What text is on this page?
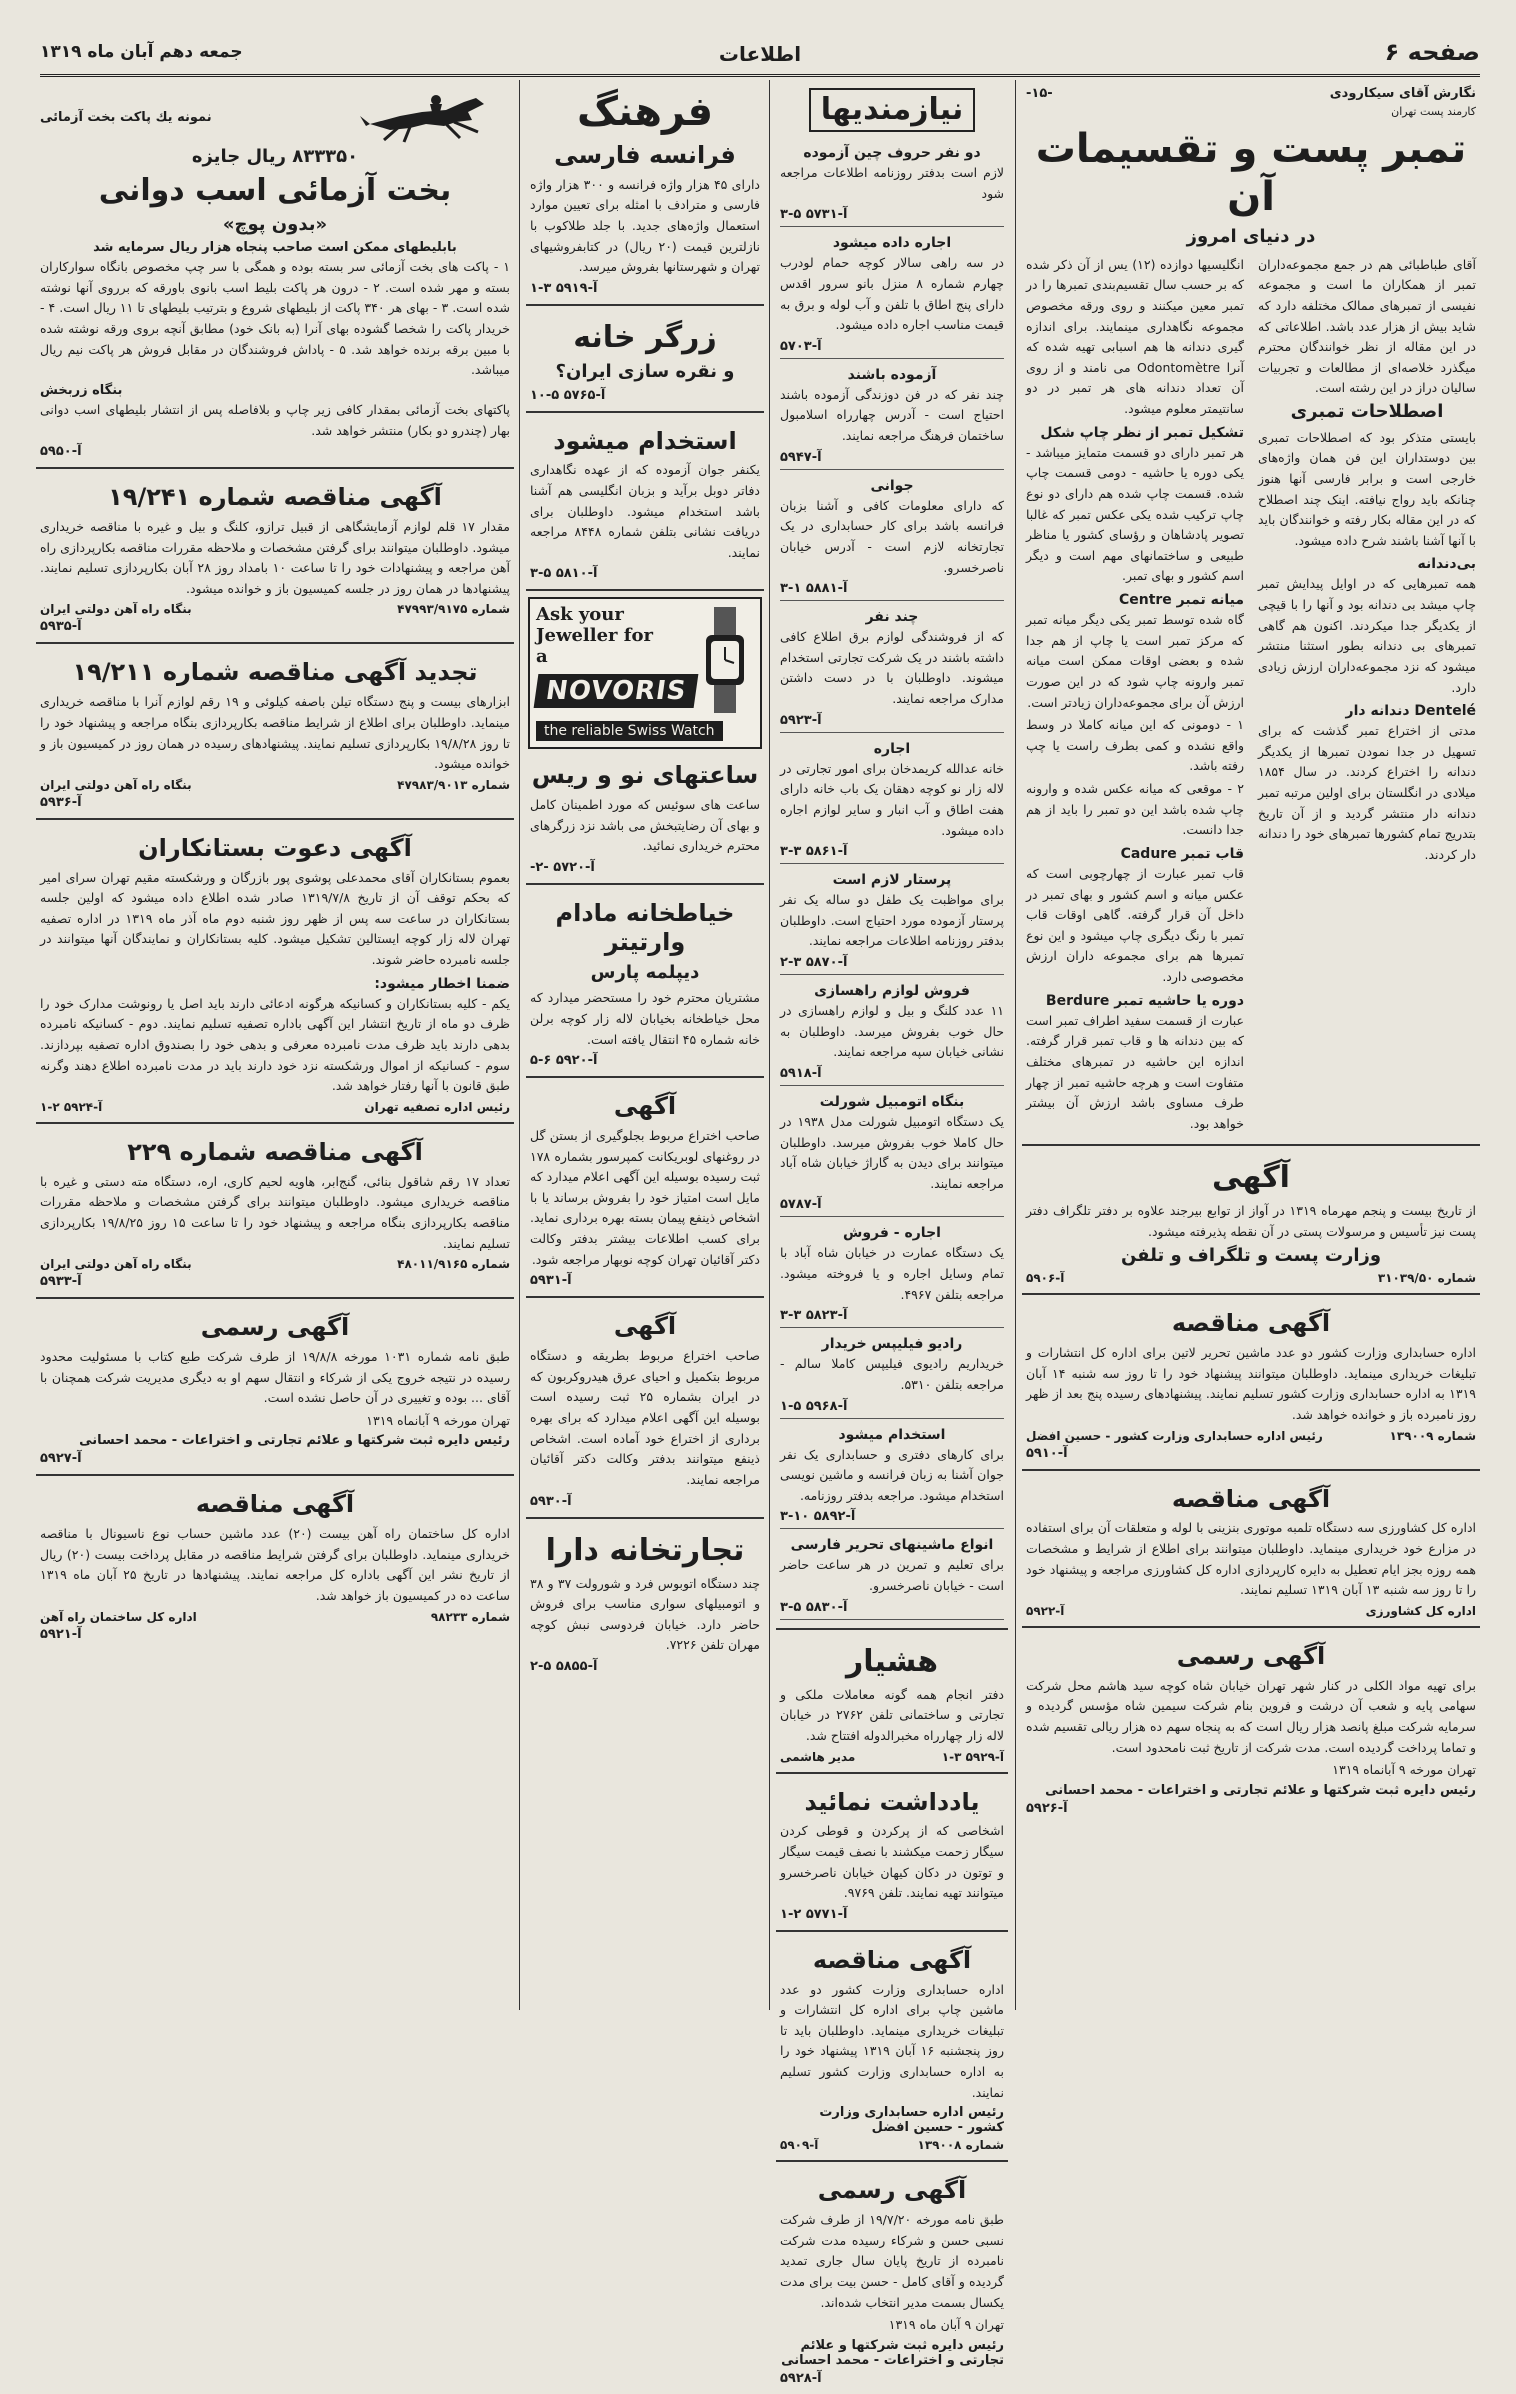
صفحه ۶
اطلاعات
جمعه دهم آبان ماه ۱۳۱۹
نگارش آقای سیکارودی
کارمند پست تهران
-۱۵-
تمبر پست و تقسیمات آن
در دنیای امروز
آقای طباطبائی هم در جمع مجموعه‌داران تمبر از همکاران ما است و مجموعه نفیسی از تمبرهای ممالک مختلفه دارد که شاید بیش از هزار عدد باشد. اطلاعاتی که در این مقاله از نظر خوانندگان محترم میگذرد خلاصه‌ای از مطالعات و تجربیات سالیان دراز در این رشته است.
اصطلاحات تمبری
بایستی متذکر بود که اصطلاحات تمبری بین دوستداران این فن همان واژه‌های خارجی است و برابر فارسی آنها هنوز چنانکه باید رواج نیافته. اینک چند اصطلاح که در این مقاله بکار رفته و خوانندگان باید با آنها آشنا باشند شرح داده میشود.
بی‌دندانه
همه تمبرهایی که در اوایل پیدایش تمبر چاپ میشد بی دندانه بود و آنها را با قیچی از یکدیگر جدا میکردند. اکنون هم گاهی تمبرهای بی دندانه بطور استثنا منتشر میشود که نزد مجموعه‌داران ارزش زیادی دارد.
دندانه دار Dentelé
مدتی از اختراع تمبر گذشت که برای تسهیل در جدا نمودن تمبرها از یکدیگر دندانه را اختراع کردند. در سال ۱۸۵۴ میلادی در انگلستان برای اولین مرتبه تمبر دندانه دار منتشر گردید و از آن تاریخ بتدریج تمام کشورها تمبرهای خود را دندانه دار کردند.
انگلیسیها دوازده (۱۲) یس از آن ذکر شده که بر حسب سال تقسیم‌بندی تمبرها را در تمبر معین میکنند و روی ورقه مخصوص مجموعه نگاهداری مینمایند. برای اندازه گیری دندانه ها هم اسبابی تهیه شده که آنرا Odontomètre می نامند و از روی آن تعداد دندانه های هر تمبر در دو سانتیمتر معلوم میشود.
تشکیل تمبر از نظر چاپ شکل
هر تمبر دارای دو قسمت متمایز میباشد - یکی دوره یا حاشیه - دومی قسمت چاپ شده. قسمت چاپ شده هم دارای دو نوع چاپ ترکیب شده یکی عکس تمبر که غالبا تصویر پادشاهان و رؤسای کشور یا مناظر طبیعی و ساختمانهای مهم است و دیگر اسم کشور و بهای تمبر.
میانه تمبر Centre
گاه شده توسط تمبر یکی دیگر میانه تمبر که مرکز تمبر است یا چاپ از هم جدا شده و بعضی اوقات ممکن است میانه تمبر وارونه چاپ شود که در این صورت ارزش آن برای مجموعه‌داران زیادتر است.
۱ - دومونی که این میانه کاملا در وسط واقع نشده و کمی بطرف راست یا چپ رفته باشد.
۲ - موقعی که میانه عکس شده و وارونه چاپ شده باشد این دو تمبر را باید از هم جدا دانست.
قاب تمبر Cadure
قاب تمبر عبارت از چهارچوبی است که عکس میانه و اسم کشور و بهای تمبر در داخل آن قرار گرفته. گاهی اوقات قاب تمبر با رنگ دیگری چاپ میشود و این نوع تمبرها هم برای مجموعه داران ارزش مخصوصی دارد.
دوره یا حاشیه تمبر Berdure
عبارت از قسمت سفید اطراف تمبر است که بین دندانه ها و قاب تمبر قرار گرفته. اندازه این حاشیه در تمبرهای مختلف متفاوت است و هرچه حاشیه تمبر از چهار طرف مساوی باشد ارزش آن بیشتر خواهد بود.
آگهی
از تاریخ بیست و پنجم مهرماه ۱۳۱۹ در آواز از توابع بیرجند علاوه بر دفتر تلگراف دفتر پست نیز تأسیس و مرسولات پستی در آن نقطه پذیرفته میشود.
وزارت پست و تلگراف و تلفن
شماره ۳۱۰۳۹/۵۰
آ-۵۹۰۶
آگهی مناقصه
اداره حسابداری وزارت کشور دو عدد ماشین تحریر لاتین برای اداره کل انتشارات و تبلیغات خریداری مینماید. داوطلبان میتوانند پیشنهاد خود را تا روز سه شنبه ۱۴ آبان ۱۳۱۹ به اداره حسابداری وزارت کشور تسلیم نمایند. پیشنهادهای رسیده پنج بعد از ظهر روز نامبرده باز و خوانده خواهد شد.
شماره ۱۳۹۰۰۹
رئیس اداره حسابداری وزارت کشور - حسین افضل
آ-۵۹۱۰
آگهی مناقصه
اداره کل کشاورزی سه دستگاه تلمبه موتوری بنزینی با لوله و متعلقات آن برای استفاده در مزارع خود خریداری مینماید. داوطلبان میتوانند برای اطلاع از شرایط و مشخصات همه روزه بجز ایام تعطیل به دایره کارپردازی اداره کل کشاورزی مراجعه و پیشنهاد خود را تا روز سه شنبه ۱۳ آبان ۱۳۱۹ تسلیم نمایند.
اداره کل کشاورزی
آ-۵۹۲۲
آگهی رسمی
برای تهیه مواد الکلی در کنار شهر تهران خیابان شاه کوچه سید هاشم محل شرکت سهامی پایه و شعب آن درشت و فروین بنام شرکت سیمین شاه مؤسس گردیده و سرمایه شرکت مبلغ پانصد هزار ریال است که به پنجاه سهم ده هزار ریالی تقسیم شده و تماما پرداخت گردیده است. مدت شرکت از تاریخ ثبت نامحدود است.
تهران مورخه ۹ آبانماه ۱۳۱۹
رئیس دایره ثبت شرکتها و علائم تجارتی و اختراعات - محمد احسانی
آ-۵۹۲۶
نیازمندیها
دو نفر حروف چین آزموده
لازم است بدفتر روزنامه اطلاعات مراجعه شود
آ-۵۷۳۱ ۵-۳
اجاره داده میشود
در سه راهی سالار کوچه حمام لودرب چهارم شماره ۸ منزل بانو سرور اقدس دارای پنج اطاق با تلفن و آب لوله و برق به قیمت مناسب اجاره داده میشود.
آ-۵۷۰۳
آزموده باشند
چند نفر که در فن دوزندگی آزموده باشند احتیاج است - آدرس چهارراه اسلامبول ساختمان فرهنگ مراجعه نمایند.
آ-۵۹۴۷
جوانی
که دارای معلومات کافی و آشنا بزبان فرانسه باشد برای کار حسابداری در یک تجارتخانه لازم است - آدرس خیابان ناصرخسرو.
آ-۵۸۸۱ ۱-۳
چند نفر
که از فروشندگی لوازم برق اطلاع کافی داشته باشند در یک شرکت تجارتی استخدام میشوند. داوطلبان با در دست داشتن مدارک مراجعه نمایند.
آ-۵۹۲۳
اجاره
خانه عدالله کریمدخان برای امور تجارتی در لاله زار نو کوچه دهقان یک باب خانه دارای هفت اطاق و آب انبار و سایر لوازم اجاره داده میشود.
آ-۵۸۶۱ ۳-۳
پرستار لازم است
برای مواظبت یک طفل دو ساله یک نفر پرستار آزموده مورد احتیاج است. داوطلبان بدفتر روزنامه اطلاعات مراجعه نمایند.
آ-۵۸۷۰ ۳-۲
فروش لوازم راهسازی
۱۱ عدد کلنگ و بیل و لوازم راهسازی در حال خوب بفروش میرسد. داوطلبان به نشانی خیابان سپه مراجعه نمایند.
آ-۵۹۱۸
بنگاه اتومبیل شورلت
یک دستگاه اتومبیل شورلت مدل ۱۹۳۸ در حال کاملا خوب بفروش میرسد. داوطلبان میتوانند برای دیدن به گاراژ خیابان شاه آباد مراجعه نمایند.
آ-۵۷۸۷
اجاره - فروش
یک دستگاه عمارت در خیابان شاه آباد با تمام وسایل اجاره و یا فروخته میشود. مراجعه بتلفن ۴۹۶۷.
آ-۵۸۲۳ ۳-۳
رادیو فیلیپس خریدار
خریداریم رادیوی فیلیپس کاملا سالم - مراجعه بتلفن ۵۳۱۰.
آ-۵۹۶۸ ۵-۱
استخدام میشود
برای کارهای دفتری و حسابداری یک نفر جوان آشنا به زبان فرانسه و ماشین نویسی استخدام میشود. مراجعه بدفتر روزنامه.
آ-۵۸۹۲ ۱۰-۳
انواع ماشینهای تحریر فارسی
برای تعلیم و تمرین در هر ساعت حاضر است - خیابان ناصرخسرو.
آ-۵۸۳۰ ۵-۳
هشیار
دفتر انجام همه گونه معاملات ملکی و تجارتی و ساختمانی تلفن ۲۷۶۲ در خیابان لاله زار چهارراه مخبرالدوله افتتاح شد.
آ-۵۹۲۹ ۳-۱
مدیر هاشمی
یادداشت نمائید
اشخاصی که از پرکردن و قوطی کردن سیگار زحمت میکشند با نصف قیمت سیگار و توتون در دکان کیهان خیابان ناصرخسرو میتوانند تهیه نمایند. تلفن ۹۷۶۹.
آ-۵۷۷۱ ۲-۱
آگهی مناقصه
اداره حسابداری وزارت کشور دو عدد ماشین چاپ برای اداره کل انتشارات و تبلیغات خریداری مینماید. داوطلبان باید تا روز پنجشنبه ۱۶ آبان ۱۳۱۹ پیشنهاد خود را به اداره حسابداری وزارت کشور تسلیم نمایند.
رئیس اداره حسابداری وزارت کشور - حسین افضل
شماره ۱۳۹۰۰۸
آ-۵۹۰۹
آگهی رسمی
طبق نامه مورخه ۱۹/۷/۲۰ از طرف شرکت نسبی حسن و شرکاء رسیده مدت شرکت نامبرده از تاریخ پایان سال جاری تمدید گردیده و آقای کامل - حسن بیت برای مدت یکسال بسمت مدیر انتخاب شده‌اند.
تهران ۹ آبان ماه ۱۳۱۹
رئیس دایره ثبت شرکتها و علائم تجارتی و اختراعات - محمد احسانی
آ-۵۹۲۸
فرهنگ
فرانسه فارسی
دارای ۴۵ هزار واژه فرانسه و ۳۰۰ هزار واژه فارسی و مترادف با امثله برای تعیین موارد استعمال واژه‌های جدید. با جلد طلاکوب با نازلترین قیمت (۲۰ ریال) در کتابفروشیهای تهران و شهرستانها بفروش میرسد.
آ-۵۹۱۹ ۳-۱
زرگر خانه
و نقره سازی ایران؟
آ-۵۷۶۵ ۵-۱۰
استخدام میشود
یکنفر جوان آزموده که از عهده نگاهداری دفاتر دوبل برآید و بزبان انگلیسی هم آشنا باشد استخدام میشود. داوطلبان برای دریافت نشانی بتلفن شماره ۸۴۴۸ مراجعه نمایند.
آ-۵۸۱۰ ۵-۳
Ask your
Jeweller for
a
NOVORIS
the reliable Swiss Watch
ساعتهای نو و ریس
ساعت های سوئیس که مورد اطمینان کامل و بهای آن رضایتبخش می باشد نزد زرگرهای محترم خریداری نمائید.
آ-۵۷۲۰ -۲-
خیاطخانه مادام وارتیتر
دیپلمه پارس
مشتریان محترم خود را مستحضر میدارد که محل خیاطخانه بخیابان لاله زار کوچه برلن خانه شماره ۴۵ انتقال یافته است.
آ-۵۹۲۰ ۶-۵
آگهی
صاحب اختراع مربوط بجلوگیری از بستن گل در روغنهای لوبریکانت کمپرسور بشماره ۱۷۸ ثبت رسیده بوسیله این آگهی اعلام میدارد که مایل است امتیاز خود را بفروش برساند یا با اشخاص ذینفع پیمان بسته بهره برداری نماید. برای کسب اطلاعات بیشتر بدفتر وکالت دکتر آقائیان تهران کوچه نوبهار مراجعه شود.
آ-۵۹۳۱
آگهی
صاحب اختراع مربوط بطریقه و دستگاه مربوط بتکمیل و احیای عرق هیدروکربون که در ایران بشماره ۲۵ ثبت رسیده است بوسیله این آگهی اعلام میدارد که برای بهره برداری از اختراع خود آماده است. اشخاص ذینفع میتوانند بدفتر وکالت دکتر آقائیان مراجعه نمایند.
آ-۵۹۳۰
تجارتخانه دارا
چند دستگاه اتوبوس فرد و شورولت ۳۷ و ۳۸ و اتومبیلهای سواری مناسب برای فروش حاضر دارد. خیابان فردوسی نبش کوچه مهران تلفن ۷۲۲۶.
آ-۵۸۵۵ ۵-۲
نمونه یك پاکت بخت آزمائی
۸۳۳۳۵۰ ریال جایزه
بخت آزمائی اسب دوانی
«بدون پوچ»
بابلیطهای ممکن است صاحب پنجاه هزار ریال سرمایه شد
۱ - پاکت های بخت آزمائی سر بسته بوده و همگی با سر چپ مخصوص بانگاه سوارکاران بسته و مهر شده است. ۲ - درون هر پاکت بلیط اسب بانوی باورقه که برروی آنها نوشته شده است. ۳ - بهای هر ۳۴۰ پاکت از بلیطهای شروع و بترتیب بلیطهای تا ۱۱ ریال است. ۴ - خریدار پاکت را شخصا گشوده بهای آنرا (به بانک خود) مطابق آنچه بروی ورقه نوشته شده با مبین برقه برنده خواهد شد. ۵ - پاداش فروشندگان در مقابل فروش هر پاکت نیم ریال میباشد.
بنگاه زربخش
پاکتهای بخت آزمائی بمقدار کافی زیر چاپ و بلافاصله پس از انتشار بلیطهای اسب دوانی بهار (چندرو دو بکار) منتشر خواهد شد.
آ-۵۹۵۰
آگهی مناقصه شماره ۱۹/۲۴۱
مقدار ۱۷ قلم لوازم آزمایشگاهی از قبیل ترازو، کلنگ و بیل و غیره با مناقصه خریداری میشود. داوطلبان میتوانند برای گرفتن مشخصات و ملاحظه مقررات مناقصه بکارپردازی راه آهن مراجعه و پیشنهادات خود را تا ساعت ۱۰ بامداد روز ۲۸ آبان بکارپردازی تسلیم نمایند. پیشنهادها در همان روز در جلسه کمیسیون باز و خوانده میشود.
شماره ۴۷۹۹۳/۹۱۷۵
بنگاه راه آهن دولتی ایران
آ-۵۹۳۵
تجدید آگهی مناقصه شماره ۱۹/۲۱۱
ابزارهای بیست و پنج دستگاه تیلن باصفه کیلوئی و ۱۹ رقم لوازم آنرا با مناقصه خریداری مینماید. داوطلبان برای اطلاع از شرایط مناقصه بکارپردازی بنگاه مراجعه و پیشنهاد خود را تا روز ۱۹/۸/۲۸ بکارپردازی تسلیم نمایند. پیشنهادهای رسیده در همان روز در کمیسیون باز و خوانده میشود.
شماره ۴۷۹۸۳/۹۰۱۳
بنگاه راه آهن دولتی ایران
آ-۵۹۳۶
آگهی دعوت بستانکاران
بعموم بستانکاران آقای محمدعلی پوشوی پور بازرگان و ورشکسته مقیم تهران سرای امیر که بحکم توقف آن از تاریخ ۱۳۱۹/۷/۸ صادر شده اطلاع داده میشود که اولین جلسه بستانکاران در ساعت سه پس از ظهر روز شنبه دوم ماه آذر ماه ۱۳۱۹ در اداره تصفیه تهران لاله زار کوچه ایستالین تشکیل میشود. کلیه بستانکاران و نمایندگان آنها میتوانند در جلسه نامبرده حاضر شوند.
ضمنا اخطار میشود:
یکم - کلیه بستانکاران و کسانیکه هرگونه ادعائی دارند باید اصل یا رونوشت مدارک خود را ظرف دو ماه از تاریخ انتشار این آگهی باداره تصفیه تسلیم نمایند. دوم - کسانیکه نامبرده بدهی دارند باید ظرف مدت نامبرده معرفی و بدهی خود را بصندوق اداره تصفیه بپردازند. سوم - کسانیکه از اموال ورشکسته نزد خود دارند باید در مدت نامبرده اطلاع دهند وگرنه طبق قانون با آنها رفتار خواهد شد.
رئیس اداره تصفیه تهران
آ-۵۹۲۴ ۲-۱
آگهی مناقصه شماره ۲۲۹
تعداد ۱۷ رقم شاقول بنائی، گنج‌ابر، هاویه لحیم کاری، اره، دستگاه مته دستی و غیره با مناقصه خریداری میشود. داوطلبان میتوانند برای گرفتن مشخصات و ملاحظه مقررات مناقصه بکارپردازی بنگاه مراجعه و پیشنهاد خود را تا ساعت ۱۵ روز ۱۹/۸/۲۵ بکارپردازی تسلیم نمایند.
شماره ۴۸۰۱۱/۹۱۶۵
بنگاه راه آهن دولتی ایران
آ-۵۹۳۳
آگهی رسمی
طبق نامه شماره ۱۰۳۱ مورخه ۱۹/۸/۸ از طرف شرکت طبع کتاب با مسئولیت محدود رسیده در نتیجه خروج یکی از شرکاء و انتقال سهم او به دیگری مدیریت شرکت همچنان با آقای ... بوده و تغییری در آن حاصل نشده است.
تهران مورخه ۹ آبانماه ۱۳۱۹
رئیس دایره ثبت شرکتها و علائم تجارتی و اختراعات - محمد احسانی
آ-۵۹۲۷
آگهی مناقصه
اداره کل ساختمان راه آهن بیست (۲۰) عدد ماشین حساب نوع ناسیونال با مناقصه خریداری مینماید. داوطلبان برای گرفتن شرایط مناقصه در مقابل پرداخت بیست (۲۰) ریال از تاریخ نشر این آگهی باداره کل مراجعه نمایند. پیشنهادها در تاریخ ۲۵ آبان ماه ۱۳۱۹ ساعت ده در کمیسیون باز خواهد شد.
شماره ۹۸۲۳۳
اداره کل ساختمان راه آهن
آ-۵۹۲۱
